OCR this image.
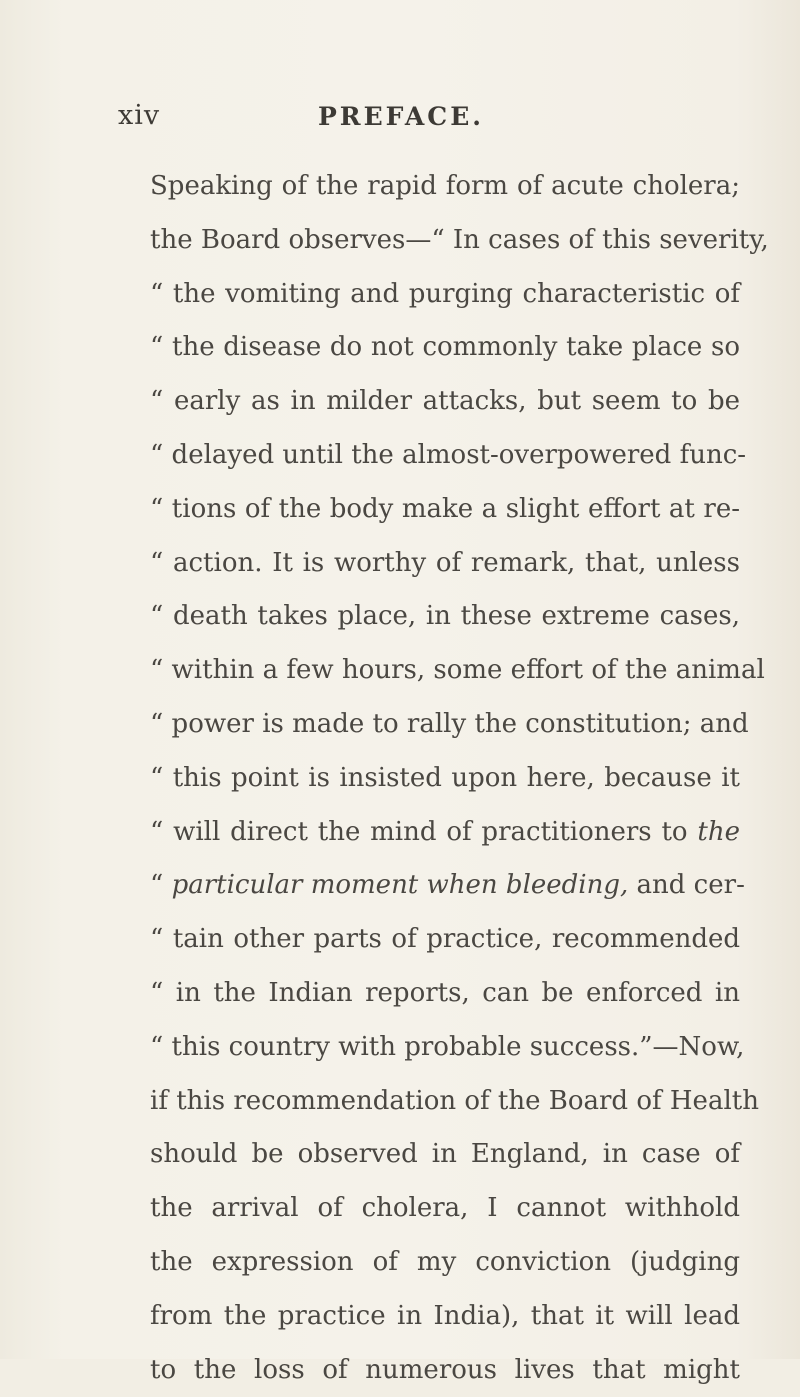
xiv	PREFACE.
Speaking of the rapid form of acute cholera;
the Board observes—“ In cases of this severity,
“ the vomiting and purging characteristic of
“ the disease do not commonly take place so
“ early as in milder attacks, but seem to be
“ delayed until the almost-overpowered func-
“ tions of the body make a slight effort at re-
“ action. It is worthy of remark, that, unless
“ death takes place, in these extreme cases,
“ within a few hours, some effort of the animal
“ power is made to rally the constitution; and
“ this point is insisted upon here, because it
“ will direct the mind of practitioners to the
“ particular moment when bleeding, and cer-
“ tain other parts of practice, recommended
“ in the Indian reports, can be enforced in
“ this country with probable success.”—Now,
if this recommendation of the Board of Health
should be observed in England, in case of
the arrival of cholera, I cannot withhold
the expression of my conviction (judging
from the practice in India), that it will lead
to the loss of numerous lives that might
